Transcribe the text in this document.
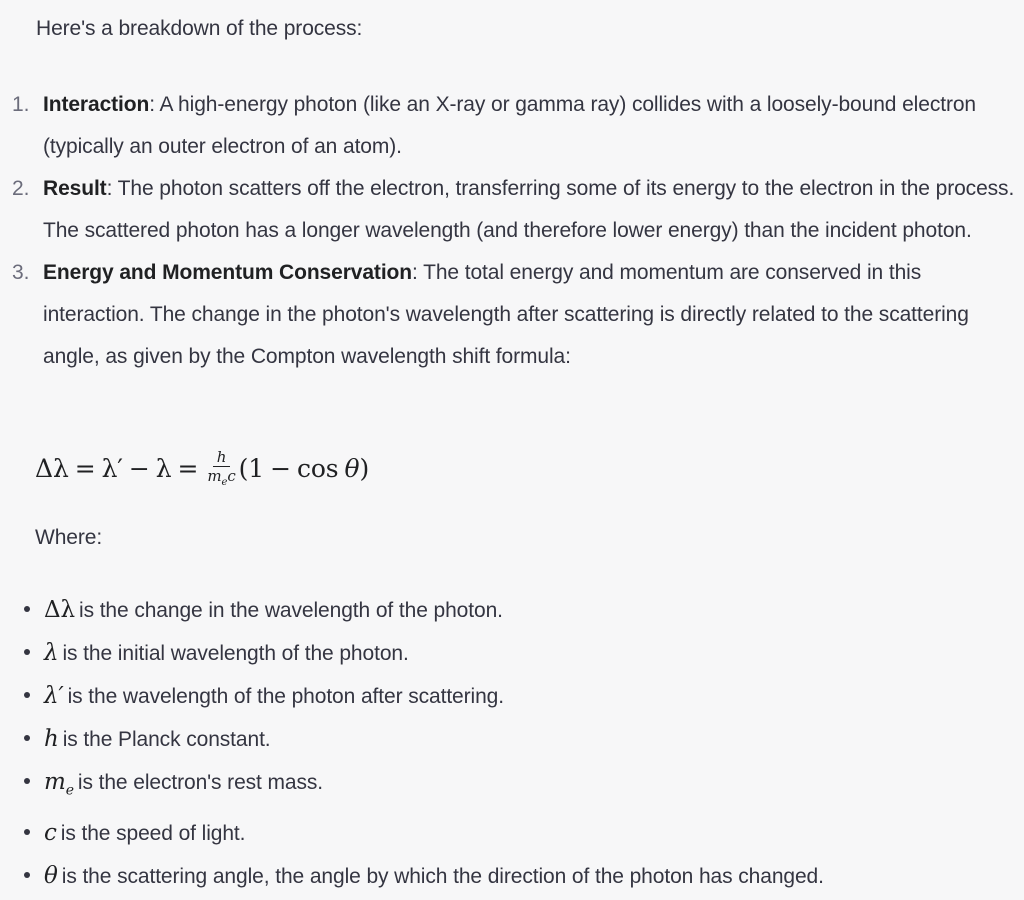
Here's a breakdown of the process:
1. Interaction: A high-energy photon (like an X-ray or gamma ray) collides with a loosely-bound electron (typically an outer electron of an atom).
2. Result: The photon scatters off the electron, transferring some of its energy to the electron in the process. The scattered photon has a longer wavelength (and therefore lower energy) than the incident photon.
3. Energy and Momentum Conservation: The total energy and momentum are conserved in this interaction. The change in the photon's wavelength after scattering is directly related to the scattering angle, as given by the Compton wavelength shift formula:
$\Delta\lambda = \lambda' - \lambda = \frac{h}{m_ec} (1 - \cos \theta$ )
Where:
Δλ is the change in the wavelength of the photon.
λ is the initial wavelength of the photon.
λ′ is the wavelength of the photon after scattering.
h is the Planck constant.
$m_e$ is the electron's rest mass.
c is the speed of light.
θ is the scattering angle, the angle by which the direction of the photon has changed.
